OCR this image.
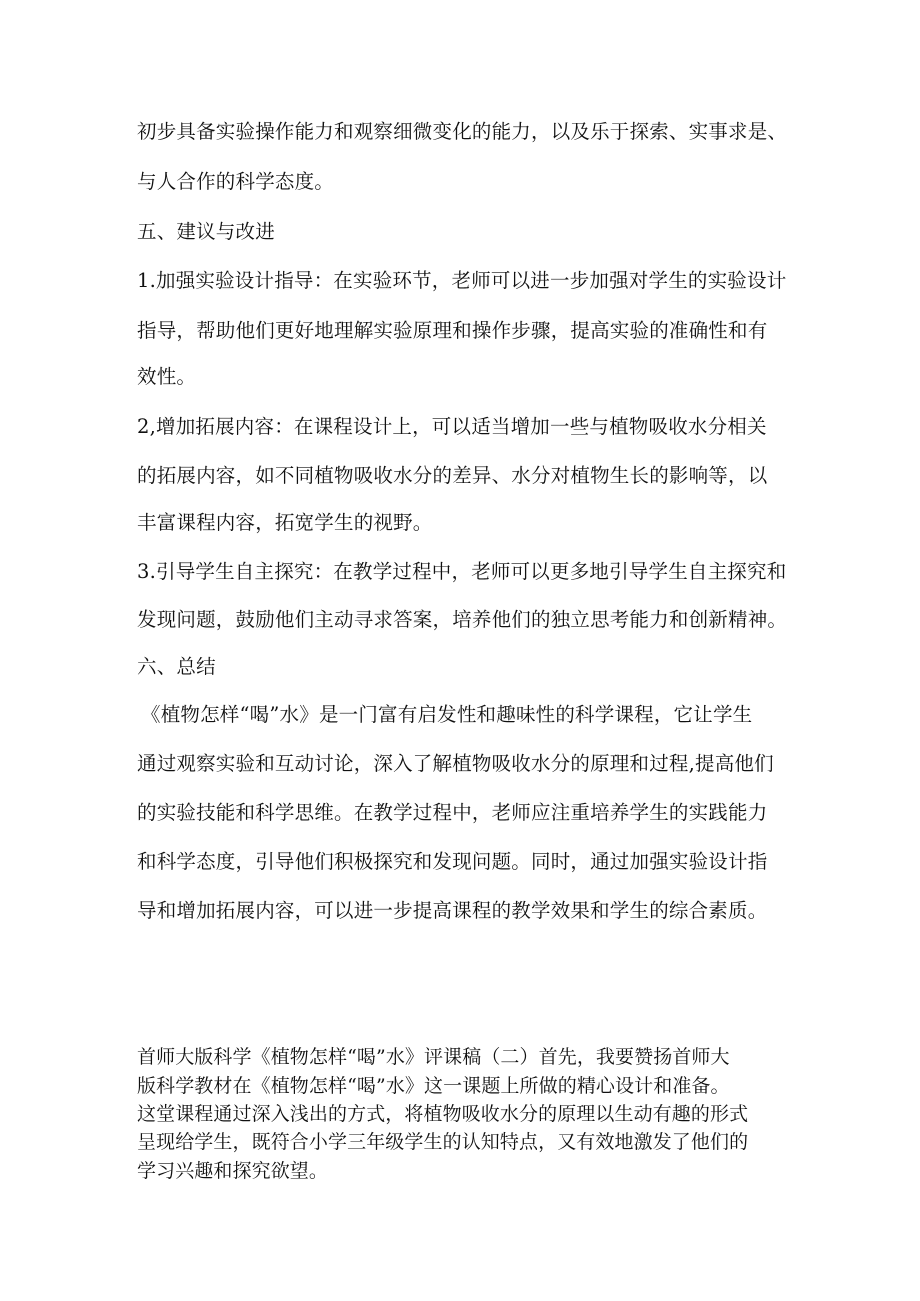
初步具备实验操作能力和观察细微变化的能力，以及乐于探索、实事求是、
与人合作的科学态度。
五、建议与改进
1.加强实验设计指导：在实验环节，老师可以进一步加强对学生的实验设计
指导，帮助他们更好地理解实验原理和操作步骤，提高实验的准确性和有
效性。
2,增加拓展内容：在课程设计上，可以适当增加一些与植物吸收水分相关
的拓展内容，如不同植物吸收水分的差异、水分对植物生长的影响等，以
丰富课程内容，拓宽学生的视野。
3.引导学生自主探究：在教学过程中，老师可以更多地引导学生自主探究和
发现问题，鼓励他们主动寻求答案，培养他们的独立思考能力和创新精神。
六、总结
《植物怎样“喝”水》是一门富有启发性和趣味性的科学课程，它让学生
通过观察实验和互动讨论，深入了解植物吸收水分的原理和过程,提高他们
的实验技能和科学思维。在教学过程中，老师应注重培养学生的实践能力
和科学态度，引导他们积极探究和发现问题。同时，通过加强实验设计指
导和增加拓展内容，可以进一步提高课程的教学效果和学生的综合素质。
首师大版科学《植物怎样“喝”水》评课稿（二）首先，我要赞扬首师大
版科学教材在《植物怎样“喝”水》这一课题上所做的精心设计和准备。
这堂课程通过深入浅出的方式，将植物吸收水分的原理以生动有趣的形式
呈现给学生，既符合小学三年级学生的认知特点，又有效地激发了他们的
学习兴趣和探究欲望。
